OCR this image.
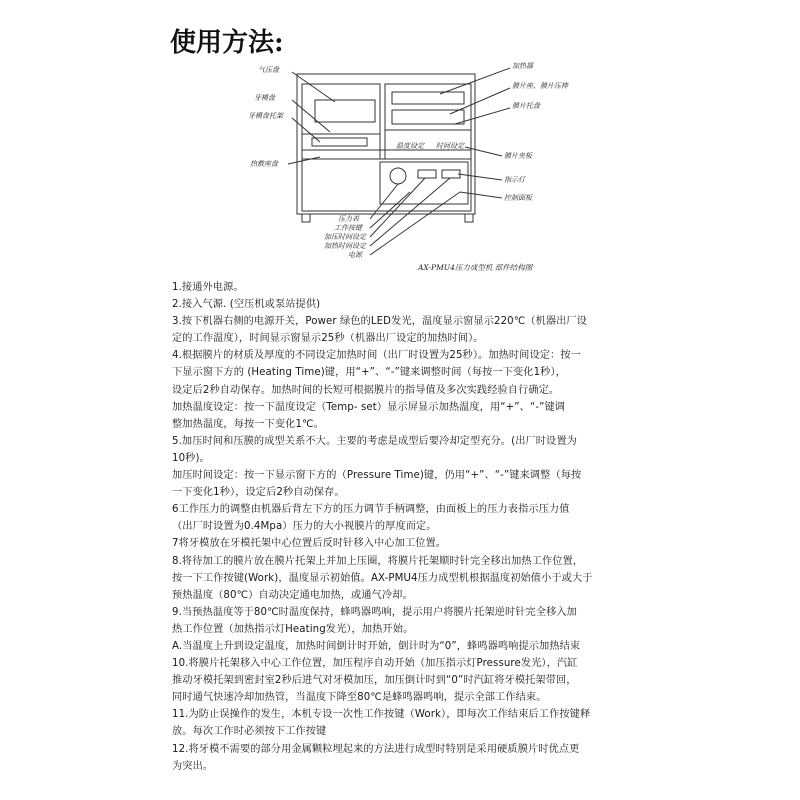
使用方法:
气压盘
牙模盘
牙模盘托架
热敷座盘
加热器
膜片座、膜片压棒
膜片托盘
膜片夹板
指示灯
控制面板
温度设定 时间设定
压力表
工作按键
加压时间设定
加热时间设定
电源
AX-PMU4压力成型机 部件结构图
1.接通外电源。
2.接入气源. (空压机或泵站提供)
3.按下机器右侧的电源开关，Power 绿色的LED发光，温度显示窗显示220℃（机器出厂设
定的工作温度），时间显示窗显示25秒（机器出厂设定的加热时间）。
4.根据膜片的材质及厚度的不同设定加热时间（出厂时设置为25秒）。加热时间设定：按一
下显示窗下方的 (Heating Time)键，用“+”、“-”键来调整时间（每按一下变化1秒），
设定后2秒自动保存。加热时间的长短可根据膜片的指导值及多次实践经验自行确定。
加热温度设定：按一下温度设定（Temp- set）显示屏显示加热温度，用“+”、“-”键调
整加热温度，每按一下变化1℃。
5.加压时间和压膜的成型关系不大。主要的考虑是成型后要冷却定型充分。(出厂时设置为
10秒)。
加压时间设定：按一下显示窗下方的（Pressure Time)键，仍用“+”、“-”键来调整（每按
一下变化1秒），设定后2秒自动保存。
6工作压力的调整由机器后背左下方的压力调节手柄调整，由面板上的压力表指示压力值
（出厂时设置为0.4Mpa）压力的大小视膜片的厚度而定。
7将牙模放在牙模托架中心位置后反时针移入中心加工位置。
8.将待加工的膜片放在膜片托架上并加上压圈，将膜片托架顺时针完全移出加热工作位置，
按一下工作按键(Work)，温度显示初始值。AX-PMU4压力成型机根据温度初始值小于或大于
预热温度（80℃）自动决定通电加热，或通气冷却。
9.当预热温度等于80℃时温度保持，蜂鸣器鸣响，提示用户将膜片托架逆时针完全移入加
热工作位置（加热指示灯Heating发光），加热开始。
A.当温度上升到设定温度，加热时间倒计时开始，倒计时为“0”，蜂鸣器鸣响提示加热结束
10.将膜片托架移入中心工作位置，加压程序自动开始（加压指示灯Pressure发光），汽缸
推动牙模托架到密封室2秒后进气对牙模加压，加压倒计时到“0”时汽缸将牙模托架带回，
同时通气快速冷却加热管，当温度下降至80℃是蜂鸣器鸣响，提示全部工作结束。
11.为防止误操作的发生，本机专设一次性工作按键（Work），即每次工作结束后工作按键释
放。每次工作时必须按下工作按键
12.将牙模不需要的部分用金属颗粒埋起来的方法进行成型时特别是采用硬质膜片时优点更
为突出。
